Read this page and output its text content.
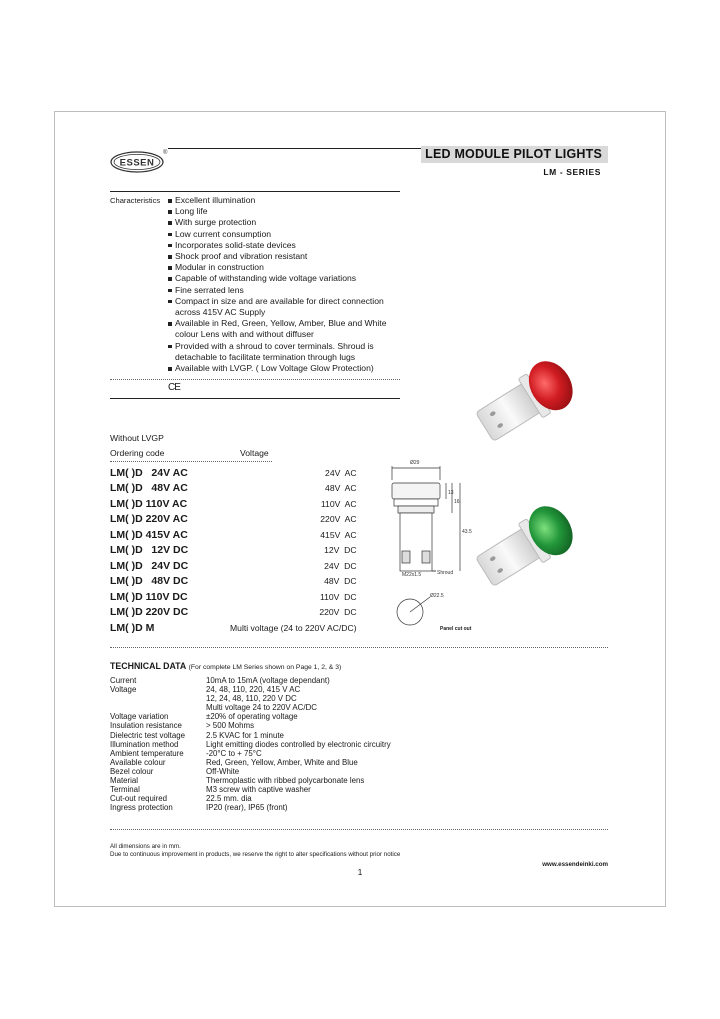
ESSEN
®	LED MODULE PILOT LIGHTS
LM - SERIES
Characteristics	Excellent illumination
Long life
With surge protection
Low current consumption
Incorporates solid-state devices
Shock proof and vibration resistant
Modular in construction
Capable of withstanding wide voltage variations
Fine serrated lens
Compact in size and are available for direct connection across 415V AC Supply
Available in Red, Green, Yellow, Amber, Blue and White colour Lens with and without diffuser
Provided with a shroud to cover terminals. Shroud is detachable to facilitate termination through lugs
Available with LVGP. ( Low Voltage Glow Protection)
CE
Ø29
13
16
43.5
M22x1.5	Shroud
Ø22.5
Panel cut out
Without LVGP
Ordering code	Voltage
LM( )D   24V AC	24V  AC
LM( )D   48V AC	48V  AC
LM( )D 110V AC	110V  AC
LM( )D 220V AC	220V  AC
LM( )D 415V AC	415V  AC
LM( )D   12V DC	12V  DC
LM( )D   24V DC	24V  DC
LM( )D   48V DC	48V  DC
LM( )D 110V DC	110V  DC
LM( )D 220V DC	220V  DC
LM( )D M	Multi voltage (24 to 220V AC/DC)
TECHNICAL DATA (For complete LM Series shown on Page 1, 2, & 3)
Current	10mA to 15mA (voltage dependant)
Voltage	24, 48, 110, 220, 415 V AC
	12, 24, 48, 110, 220 V DC
	Multi voltage 24 to 220V AC/DC
Voltage variation	±20% of operating voltage
Insulation resistance	> 500 Mohms
Dielectric test voltage	2.5 KVAC for 1 minute
Illumination method	Light emitting diodes controlled by electronic circuitry
Ambient temperature	-20°C to + 75°C
Available colour	Red, Green, Yellow, Amber, White and Blue
Bezel colour	Off-White
Material	Thermoplastic with ribbed polycarbonate lens
Terminal	M3 screw with captive washer
Cut-out required	22.5 mm. dia
Ingress protection	IP20 (rear), IP65 (front)
All dimensions are in mm.
Due to continuous improvement in products, we reserve the right to alter specifications without prior notice
www.essendeinki.com
1
